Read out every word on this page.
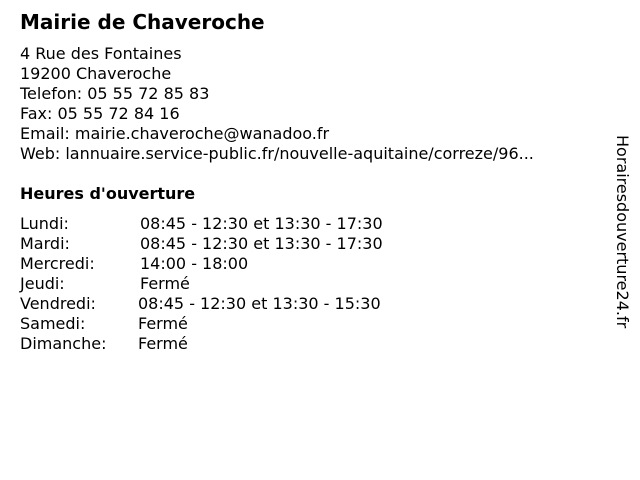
Mairie de Chaveroche
4 Rue des Fontaines
19200 Chaveroche
Telefon: 05 55 72 85 83
Fax: 05 55 72 84 16
Email: mairie.chaveroche@wanadoo.fr
Web: lannuaire.service-public.fr/nouvelle-aquitaine/correze/96...
Heures d'ouverture
Lundi:	08:45 - 12:30 et 13:30 - 17:30
Mardi:	08:45 - 12:30 et 13:30 - 17:30
Mercredi:	14:00 - 18:00
Jeudi:	Fermé
Vendredi:	08:45 - 12:30 et 13:30 - 15:30
Samedi:	Fermé
Dimanche: Fermé
Horairesdouverture24.fr
